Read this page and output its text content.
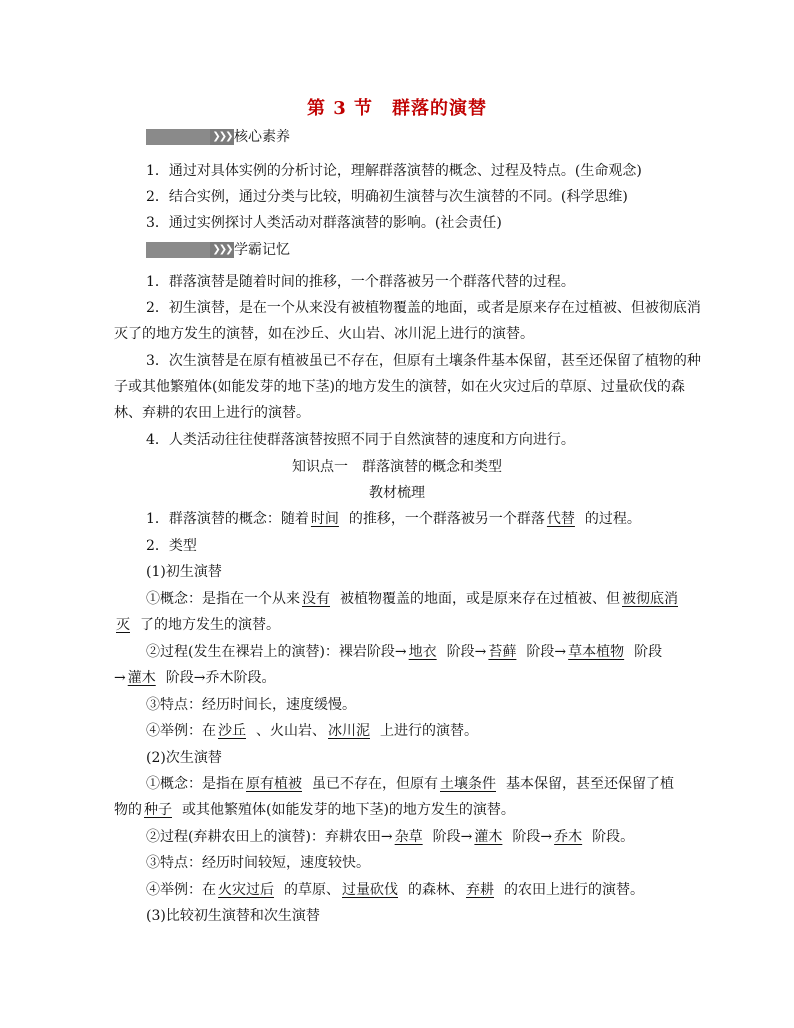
第 3 节　群落的演替
❯❯❯ 核心素养
1．通过对具体实例的分析讨论，理解群落演替的概念、过程及特点。(生命观念)
2．结合实例，通过分类与比较，明确初生演替与次生演替的不同。(科学思维)
3．通过实例探讨人类活动对群落演替的影响。(社会责任)
❯❯❯ 学霸记忆
1．群落演替是随着时间的推移，一个群落被另一个群落代替的过程。
2．初生演替，是在一个从来没有被植物覆盖的地面，或者是原来存在过植被、但被彻底消
灭了的地方发生的演替，如在沙丘、火山岩、冰川泥上进行的演替。
3．次生演替是在原有植被虽已不存在，但原有土壤条件基本保留，甚至还保留了植物的种
子或其他繁殖体(如能发芽的地下茎)的地方发生的演替，如在火灾过后的草原、过量砍伐的森
林、弃耕的农田上进行的演替。
4．人类活动往往使群落演替按照不同于自然演替的速度和方向进行。
知识点一　群落演替的概念和类型
教材梳理
1．群落演替的概念：随着 时间 的推移，一个群落被另一个群落 代替 的过程。
2．类型
(1)初生演替
①概念：是指在一个从来 没有 被植物覆盖的地面，或是原来存在过植被、但 被彻底消
灭 了的地方发生的演替。
②过程(发生在裸岩上的演替)：裸岩阶段→ 地衣 阶段→ 苔藓 阶段→ 草本植物 阶段
→ 灌木 阶段→乔木阶段。
③特点：经历时间长，速度缓慢。
④举例：在 沙丘 、火山岩、 冰川泥 上进行的演替。
(2)次生演替
①概念：是指在 原有植被 虽已不存在，但原有 土壤条件 基本保留，甚至还保留了植
物的 种子 或其他繁殖体(如能发芽的地下茎)的地方发生的演替。
②过程(弃耕农田上的演替)：弃耕农田→ 杂草 阶段→ 灌木 阶段→ 乔木 阶段。
③特点：经历时间较短，速度较快。
④举例：在 火灾过后 的草原、 过量砍伐 的森林、 弃耕 的农田上进行的演替。
(3)比较初生演替和次生演替
